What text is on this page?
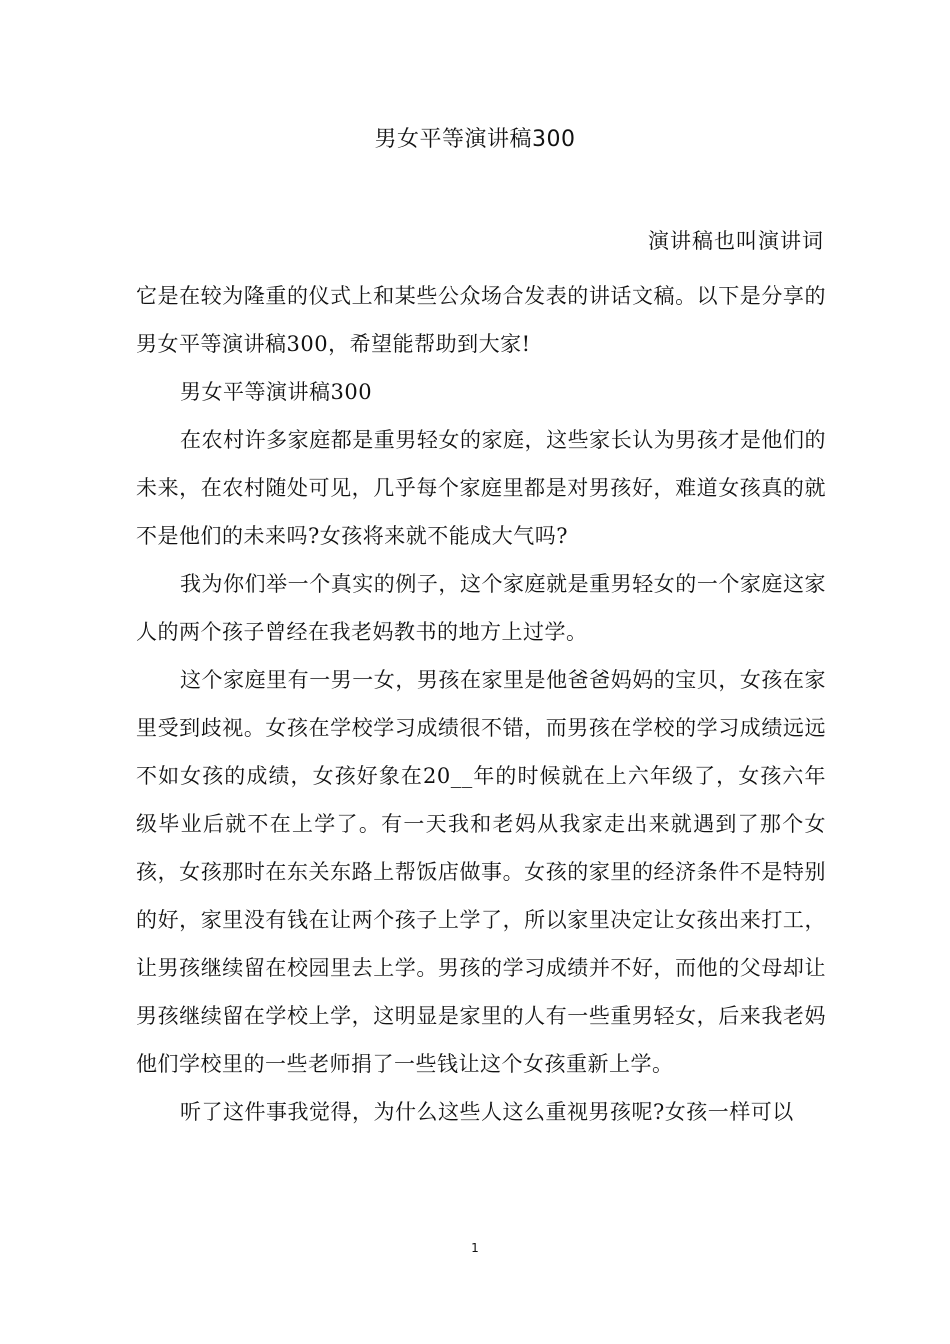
男女平等演讲稿300
演讲稿也叫演讲词

它是在较为隆重的仪式上和某些公众场合发表的讲话文稿。以下是分享的男女平等演讲稿300，希望能帮助到大家!

男女平等演讲稿300

在农村许多家庭都是重男轻女的家庭，这些家长认为男孩才是他们的未来，在农村随处可见，几乎每个家庭里都是对男孩好，难道女孩真的就不是他们的未来吗?女孩将来就不能成大气吗?

我为你们举一个真实的例子，这个家庭就是重男轻女的一个家庭这家人的两个孩子曾经在我老妈教书的地方上过学。

这个家庭里有一男一女，男孩在家里是他爸爸妈妈的宝贝，女孩在家里受到歧视。女孩在学校学习成绩很不错，而男孩在学校的学习成绩远远不如女孩的成绩，女孩好象在20__年的时候就在上六年级了，女孩六年级毕业后就不在上学了。有一天我和老妈从我家走出来就遇到了那个女孩，女孩那时在东关东路上帮饭店做事。女孩的家里的经济条件不是特别的好，家里没有钱在让两个孩子上学了，所以家里决定让女孩出来打工，让男孩继续留在校园里去上学。男孩的学习成绩并不好，而他的父母却让男孩继续留在学校上学，这明显是家里的人有一些重男轻女，后来我老妈他们学校里的一些老师捐了一些钱让这个女孩重新上学。

听了这件事我觉得，为什么这些人这么重视男孩呢?女孩一样可以

1
